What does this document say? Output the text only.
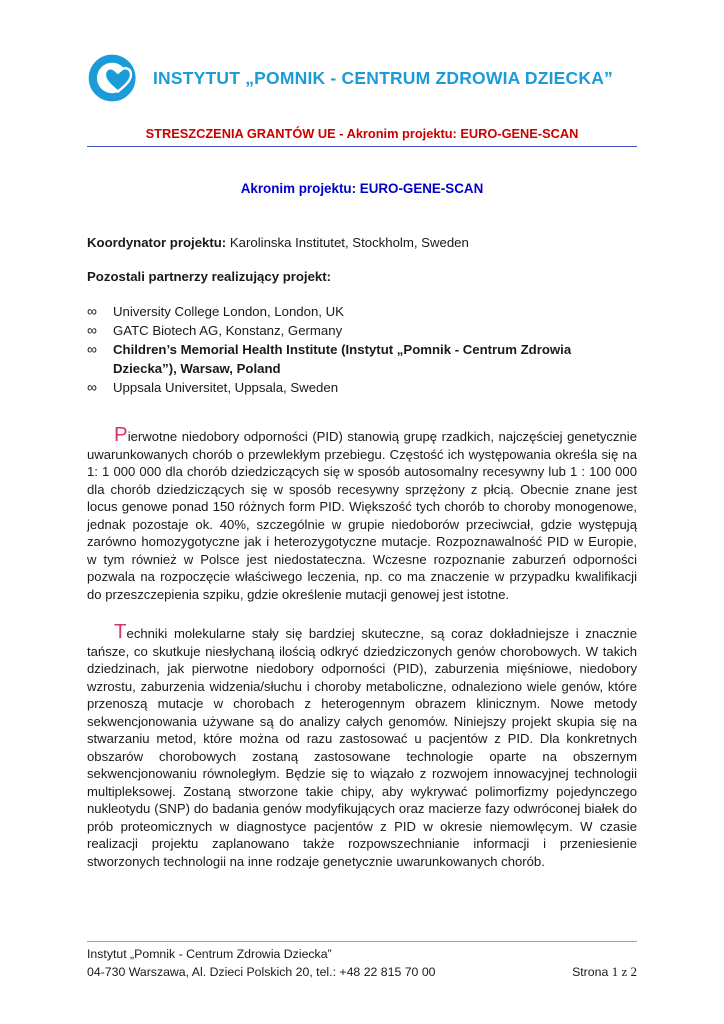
INSTYTUT „POMNIK - CENTRUM ZDROWIA DZIECKA”
STRESZCZENIA GRANTÓW UE - Akronim projektu: EURO-GENE-SCAN
Akronim projektu: EURO-GENE-SCAN

Koordynator projektu: Karolinska Institutet, Stockholm, Sweden

Pozostali partnerzy realizujący projekt:

∞	University College London, London, UK
∞	GATC Biotech AG, Konstanz, Germany
∞	Children’s Memorial Health Institute (Instytut „Pomnik - Centrum Zdrowia Dziecka”), Warsaw, Poland
∞	Uppsala Universitet, Uppsala, Sweden

Pierwotne niedobory odporności (PID) stanowią grupę rzadkich, najczęściej genetycznie uwarunkowanych chorób o przewlekłym przebiegu. Częstość ich występowania określa się na 1: 1 000 000 dla chorób dziedziczących się w sposób autosomalny recesywny lub 1 : 100 000 dla chorób dziedziczących się w sposób recesywny sprzężony z płcią. Obecnie znane jest locus genowe ponad 150 różnych form PID. Większość tych chorób to choroby monogenowe, jednak pozostaje ok. 40%, szczególnie w grupie niedoborów przeciwciał, gdzie występują zarówno homozygotyczne jak i heterozygotyczne mutacje. Rozpoznawalność PID w Europie, w tym również w Polsce jest niedostateczna. Wczesne rozpoznanie zaburzeń odporności pozwala na rozpoczęcie właściwego leczenia, np. co ma znaczenie w przypadku kwalifikacji do przeszczepienia szpiku, gdzie określenie mutacji genowej jest istotne.

Techniki molekularne stały się bardziej skuteczne, są coraz dokładniejsze i znacznie tańsze, co skutkuje niesłychaną ilością odkryć dziedziczonych genów chorobowych. W takich dziedzinach, jak pierwotne niedobory odporności (PID), zaburzenia mięśniowe, niedobory wzrostu, zaburzenia widzenia/słuchu i choroby metaboliczne, odnaleziono wiele genów, które przenoszą mutacje w chorobach z heterogennym obrazem klinicznym. Nowe metody sekwencjonowania używane są do analizy całych genomów. Niniejszy projekt skupia się na stwarzaniu metod, które można od razu zastosować u pacjentów z PID. Dla konkretnych obszarów chorobowych zostaną zastosowane technologie oparte na obszernym sekwencjonowaniu równoległym. Będzie się to wiązało z rozwojem innowacyjnej technologii multipleksowej. Zostaną stworzone takie chipy, aby wykrywać polimorfizmy pojedynczego nukleotydu (SNP) do badania genów modyfikujących oraz macierze fazy odwróconej białek do prób proteomicznych w diagnostyce pacjentów z PID w okresie niemowlęcym. W czasie realizacji projektu zaplanowano także rozpowszechnianie informacji i przeniesienie stworzonych technologii na inne rodzaje genetycznie uwarunkowanych chorób.

Instytut „Pomnik - Centrum Zdrowia Dziecka”
04-730 Warszawa, Al. Dzieci Polskich 20, tel.: +48 22 815 70 00	Strona 1 z 2
